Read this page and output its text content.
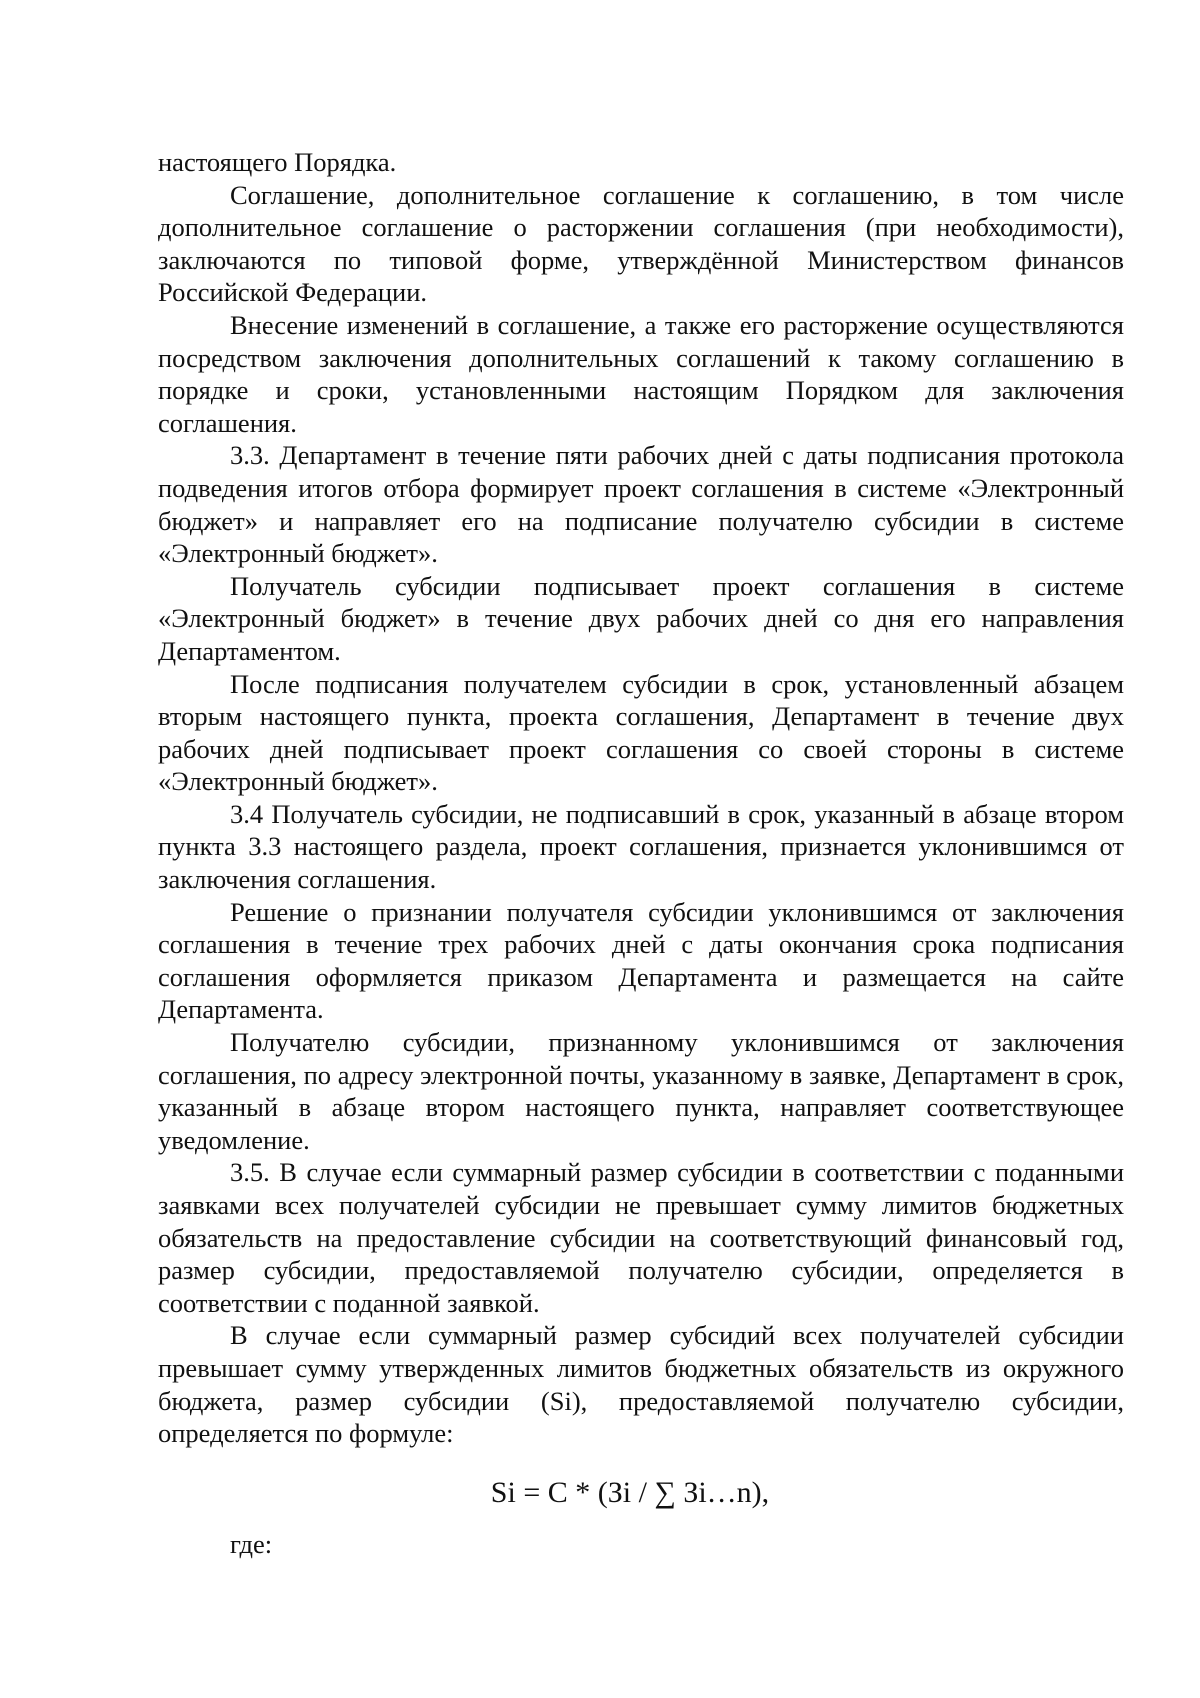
настоящего Порядка.

Соглашение, дополнительное соглашение к соглашению, в том числе дополнительное соглашение о расторжении соглашения (при необходимости), заключаются по типовой форме, утверждённой Министерством финансов Российской Федерации.

Внесение изменений в соглашение, а также его расторжение осуществляются посредством заключения дополнительных соглашений к такому соглашению в порядке и сроки, установленными настоящим Порядком для заключения соглашения.

3.3. Департамент в течение пяти рабочих дней с даты подписания протокола подведения итогов отбора формирует проект соглашения в системе «Электронный бюджет» и направляет его на подписание получателю субсидии в системе «Электронный бюджет».

Получатель субсидии подписывает проект соглашения в системе «Электронный бюджет» в течение двух рабочих дней со дня его направления Департаментом.

После подписания получателем субсидии в срок, установленный абзацем вторым настоящего пункта, проекта соглашения, Департамент в течение двух рабочих дней подписывает проект соглашения со своей стороны в системе «Электронный бюджет».

3.4 Получатель субсидии, не подписавший в срок, указанный в абзаце втором пункта 3.3 настоящего раздела, проект соглашения, признается уклонившимся от заключения соглашения.

Решение о признании получателя субсидии уклонившимся от заключения соглашения в течение трех рабочих дней с даты окончания срока подписания соглашения оформляется приказом Департамента и размещается на сайте Департамента.

Получателю субсидии, признанному уклонившимся от заключения соглашения, по адресу электронной почты, указанному в заявке, Департамент в срок, указанный в абзаце втором настоящего пункта, направляет соответствующее уведомление.

3.5. В случае если суммарный размер субсидии в соответствии с поданными заявками всех получателей субсидии не превышает сумму лимитов бюджетных обязательств на предоставление субсидии на соответствующий финансовый год, размер субсидии, предоставляемой получателю субсидии, определяется в соответствии с поданной заявкой.

В случае если суммарный размер субсидий всех получателей субсидии превышает сумму утвержденных лимитов бюджетных обязательств из окружного бюджета, размер субсидии (Si), предоставляемой получателю субсидии, определяется по формуле:

Si = C * (Зi / ∑ Зi…n),
где:
